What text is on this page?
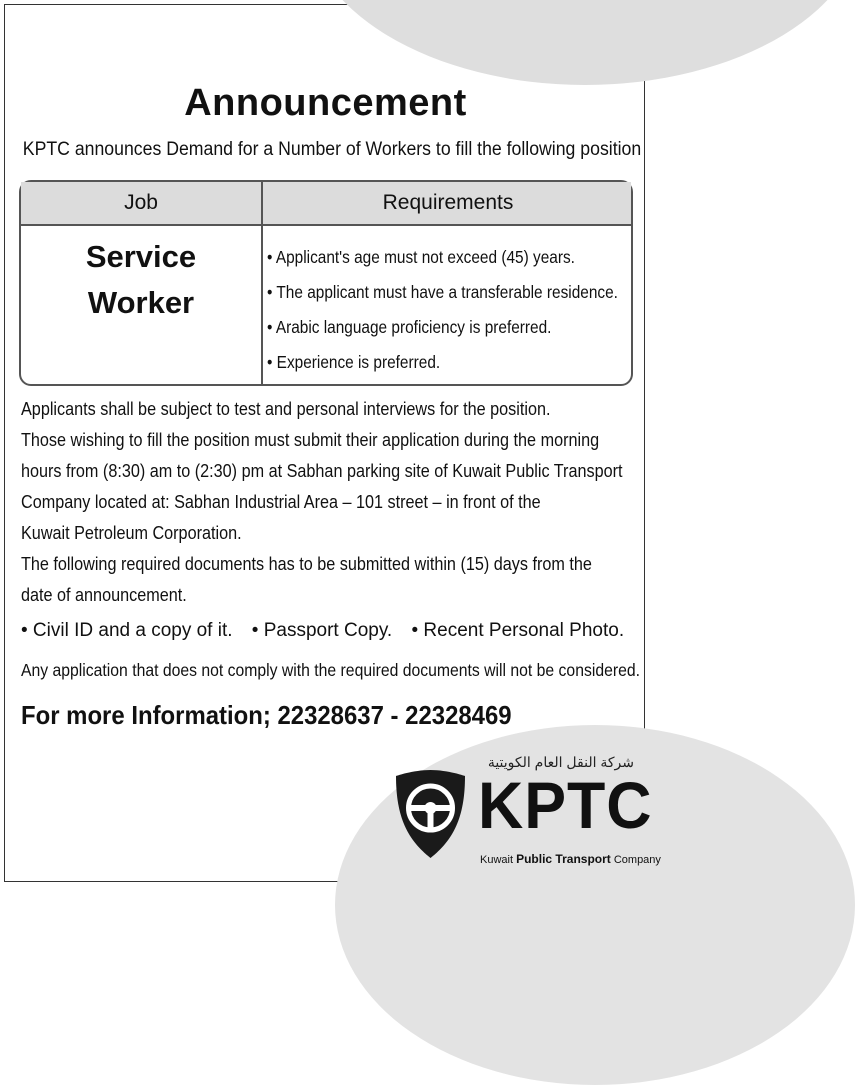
Announcement
KPTC announces Demand for a Number of Workers to fill the following position
Job	Requirements
Service
Worker
• Applicant's age must not exceed (45) years.
• The applicant must have a transferable residence.
• Arabic language proficiency is preferred.
• Experience is preferred.
Applicants shall be subject to test and personal interviews for the position.
Those wishing to fill the position must submit their application during the morning
hours from (8:30) am to (2:30) pm at Sabhan parking site of Kuwait Public Transport
Company located at: Sabhan Industrial Area – 101 street – in front of the
Kuwait Petroleum Corporation.
The following required documents has to be submitted within (15) days from the
date of announcement.
• Civil ID and a copy of it. • Passport Copy. • Recent Personal Photo.
Any application that does not comply with the required documents will not be considered.
For more Information; 22328637 - 22328469
شركة النقل العام الكويتية
KPTC
Kuwait Public Transport Company
